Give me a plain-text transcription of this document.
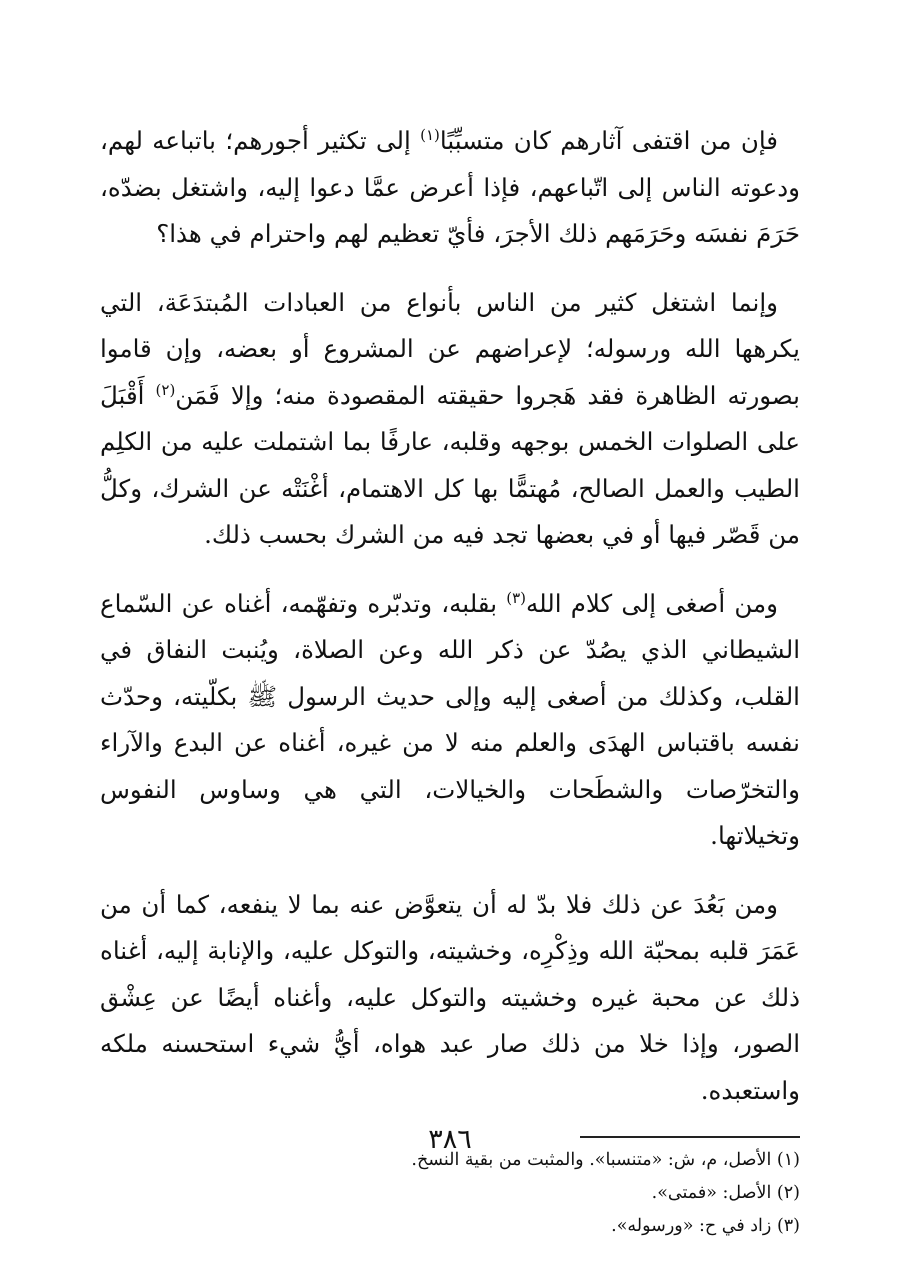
فإن من اقتفى آثارهم كان متسبِّبًا$^{(١)}$ إلى تكثير أجورهم؛ باتباعه لهم، ودعوته الناس إلى اتّباعهم، فإذا أعرض عمَّا دعوا إليه، واشتغل بضدّه، حَرَمَ نفسَه وحَرَمَهم ذلك الأجرَ، فأيّ تعظيم لهم واحترام في هذا؟

وإنما اشتغل كثير من الناس بأنواع من العبادات المُبتدَعَة، التي يكرهها الله ورسوله؛ لإعراضهم عن المشروع أو بعضه، وإن قاموا بصورته الظاهرة فقد هَجروا حقيقته المقصودة منه؛ وإلا فَمَن$^{(٢)}$ أَقْبَلَ على الصلوات الخمس بوجهه وقلبه، عارفًا بما اشتملت عليه من الكلِم الطيب والعمل الصالح، مُهتمًّا بها كل الاهتمام، أغْنَتْه عن الشرك، وكلُّ من قَصّر فيها أو في بعضها تجد فيه من الشرك بحسب ذلك.

ومن أصغى إلى كلام الله$^{(٣)}$ بقلبه، وتدبّره وتفهّمه، أغناه عن السّماع الشيطاني الذي يصُدّ عن ذكر الله وعن الصلاة، ويُنبت النفاق في القلب، وكذلك من أصغى إليه وإلى حديث الرسول ﷺ بكلّيته، وحدّث نفسه باقتباس الهدَى والعلم منه لا من غيره، أغناه عن البدع والآراء والتخرّصات والشطَحات والخيالات، التي هي وساوس النفوس وتخيلاتها.

ومن بَعُدَ عن ذلك فلا بدّ له أن يتعوَّض عنه بما لا ينفعه، كما أن من عَمَرَ قلبه بمحبّة الله وذِكْرِه، وخشيته، والتوكل عليه، والإنابة إليه، أغناه ذلك عن محبة غيره وخشيته والتوكل عليه، وأغناه أيضًا عن عِشْق الصور، وإذا خلا من ذلك صار عبد هواه، أيُّ شيء استحسنه ملكه واستعبده.

(١) الأصل، م، ش: «متنسبا». والمثبت من بقية النسخ.
(٢) الأصل: «فمتى».
(٣) زاد في ح: «ورسوله».
٣٨٦
